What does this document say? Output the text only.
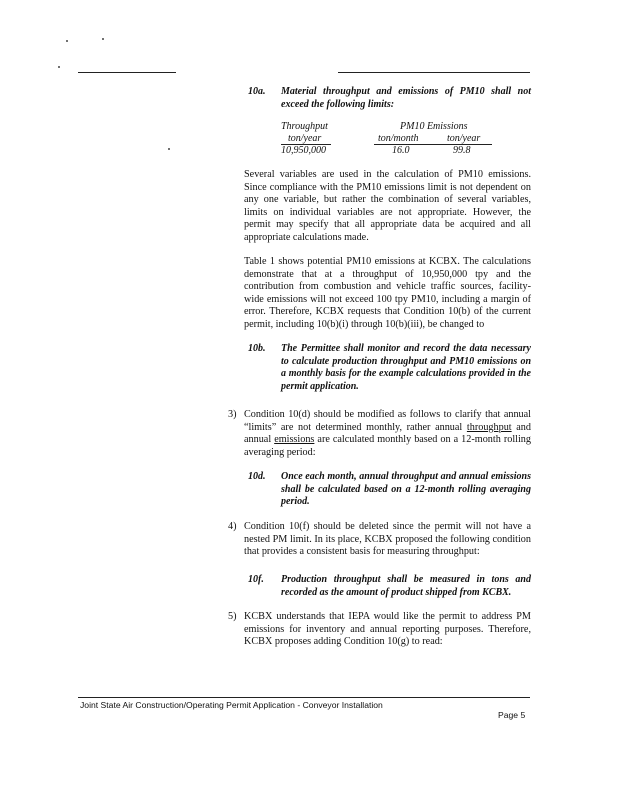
10a. Material throughput and emissions of PM10 shall not exceed the following limits:
Throughput	PM10 Emissions
ton/year	ton/month	ton/year
10,950,000	16.0	99.8
Several variables are used in the calculation of PM10 emissions. Since compliance with the PM10 emissions limit is not dependent on any one variable, but rather the combination of several variables, limits on individual variables are not appropriate. However, the permit may specify that all appropriate data be acquired and all appropriate calculations made.
Table 1 shows potential PM10 emissions at KCBX. The calculations demonstrate that at a throughput of 10,950,000 tpy and the contribution from combustion and vehicle traffic sources, facility-wide emissions will not exceed 100 tpy PM10, including a margin of error. Therefore, KCBX requests that Condition 10(b) of the current permit, including 10(b)(i) through 10(b)(iii), be changed to
10b. The Permittee shall monitor and record the data necessary to calculate production throughput and PM10 emissions on a monthly basis for the example calculations provided in the permit application.
3) Condition 10(d) should be modified as follows to clarify that annual “limits” are not determined monthly, rather annual throughput and annual emissions are calculated monthly based on a 12-month rolling averaging period:
10d. Once each month, annual throughput and annual emissions shall be calculated based on a 12-month rolling averaging period.
4) Condition 10(f) should be deleted since the permit will not have a nested PM limit. In its place, KCBX proposed the following condition that provides a consistent basis for measuring throughput:
10f. Production throughput shall be measured in tons and recorded as the amount of product shipped from KCBX.
5) KCBX understands that IEPA would like the permit to address PM emissions for inventory and annual reporting purposes. Therefore, KCBX proposes adding Condition 10(g) to read:
Joint State Air Construction/Operating Permit Application - Conveyor Installation
Page 5
